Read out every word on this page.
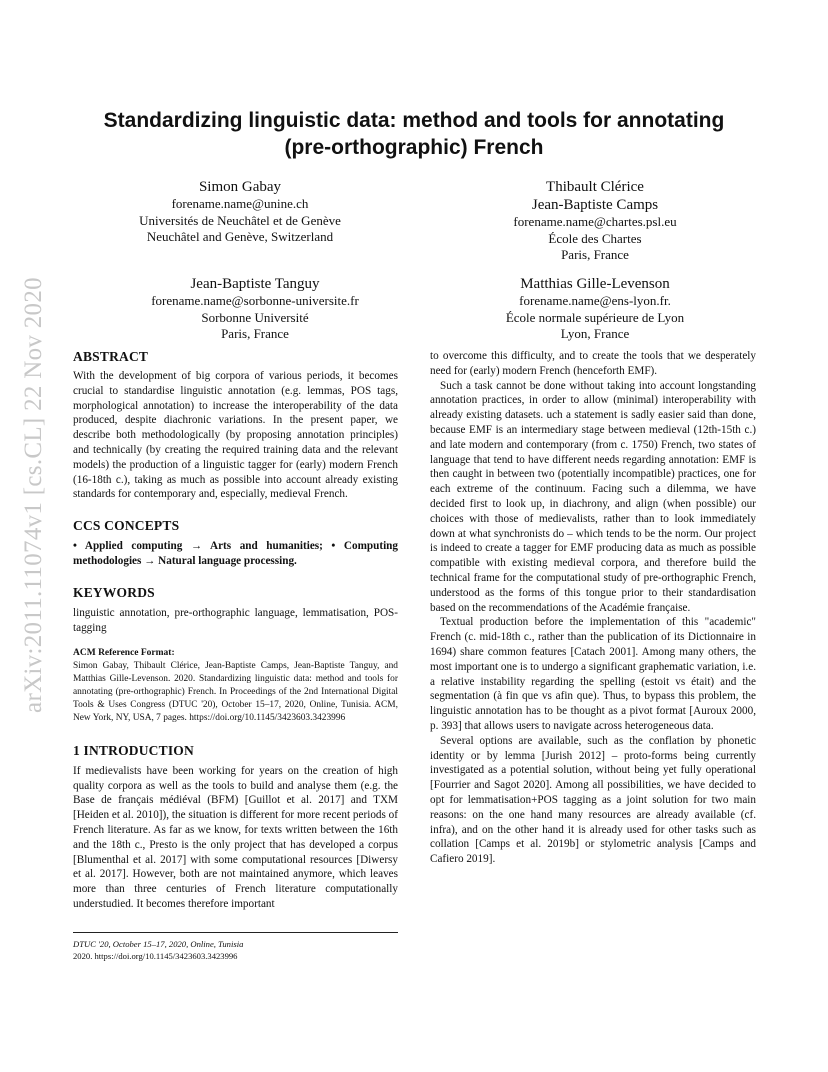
arXiv:2011.11074v1 [cs.CL] 22 Nov 2020
Standardizing linguistic data: method and tools for annotating
(pre-orthographic) French
Simon Gabay
forename.name@unine.ch
Universités de Neuchâtel et de Genève
Neuchâtel and Genève, Switzerland
Thibault Clérice
Jean-Baptiste Camps
forename.name@chartes.psl.eu
École des Chartes
Paris, France
Jean-Baptiste Tanguy
forename.name@sorbonne-universite.fr
Sorbonne Université
Paris, France
Matthias Gille-Levenson
forename.name@ens-lyon.fr.
École normale supérieure de Lyon
Lyon, France
ABSTRACT
With the development of big corpora of various periods, it becomes crucial to standardise linguistic annotation (e.g. lemmas, POS tags, morphological annotation) to increase the interoperability of the data produced, despite diachronic variations. In the present paper, we describe both methodologically (by proposing annotation principles) and technically (by creating the required training data and the relevant models) the production of a linguistic tagger for (early) modern French (16-18th c.), taking as much as possible into account already existing standards for contemporary and, especially, medieval French.
CCS CONCEPTS
• Applied computing → Arts and humanities; • Computing methodologies → Natural language processing.
KEYWORDS
linguistic annotation, pre-orthographic language, lemmatisation, POS-tagging
ACM Reference Format:
Simon Gabay, Thibault Clérice, Jean-Baptiste Camps, Jean-Baptiste Tanguy, and Matthias Gille-Levenson. 2020. Standardizing linguistic data: method and tools for annotating (pre-orthographic) French. In Proceedings of the 2nd International Digital Tools & Uses Congress (DTUC '20), October 15–17, 2020, Online, Tunisia. ACM, New York, NY, USA, 7 pages. https://doi.org/10.1145/3423603.3423996
1 INTRODUCTION
If medievalists have been working for years on the creation of high quality corpora as well as the tools to build and analyse them (e.g. the Base de français médiéval (BFM) [Guillot et al. 2017] and TXM [Heiden et al. 2010]), the situation is different for more recent periods of French literature. As far as we know, for texts written between the 16th and the 18th c., Presto is the only project that has developed a corpus [Blumenthal et al. 2017] with some computational resources [Diwersy et al. 2017]. However, both are not maintained anymore, which leaves more than three centuries of French literature computationally understudied. It becomes therefore important

to overcome this difficulty, and to create the tools that we desperately need for (early) modern French (henceforth EMF).

Such a task cannot be done without taking into account longstanding annotation practices, in order to allow (minimal) interoperability with already existing datasets. uch a statement is sadly easier said than done, because EMF is an intermediary stage between medieval (12th-15th c.) and late modern and contemporary (from c. 1750) French, two states of language that tend to have different needs regarding annotation: EMF is then caught in between two (potentially incompatible) practices, one for each extreme of the continuum. Facing such a dilemma, we have decided first to look up, in diachrony, and align (when possible) our choices with those of medievalists, rather than to look immediately down at what synchronists do – which tends to be the norm. Our project is indeed to create a tagger for EMF producing data as much as possible compatible with existing medieval corpora, and therefore build the technical frame for the computational study of pre-orthographic French, understood as the forms of this tongue prior to their standardisation based on the recommendations of the Académie française.

Textual production before the implementation of this "academic" French (c. mid-18th c., rather than the publication of its Dictionnaire in 1694) share common features [Catach 2001]. Among many others, the most important one is to undergo a significant graphematic variation, i.e. a relative instability regarding the spelling (estoit vs était) and the segmentation (à fin que vs afin que). Thus, to bypass this problem, the linguistic annotation has to be thought as a pivot format [Auroux 2000, p. 393] that allows users to navigate across heterogeneous data.

Several options are available, such as the conflation by phonetic identity or by lemma [Jurish 2012] – proto-forms being currently investigated as a potential solution, without being yet fully operational [Fourrier and Sagot 2020]. Among all possibilities, we have decided to opt for lemmatisation+POS tagging as a joint solution for two main reasons: on the one hand many resources are already available (cf. infra), and on the other hand it is already used for other tasks such as collation [Camps et al. 2019b] or stylometric analysis [Camps and Cafiero 2019].

DTUC '20, October 15–17, 2020, Online, Tunisia
2020. https://doi.org/10.1145/3423603.3423996
